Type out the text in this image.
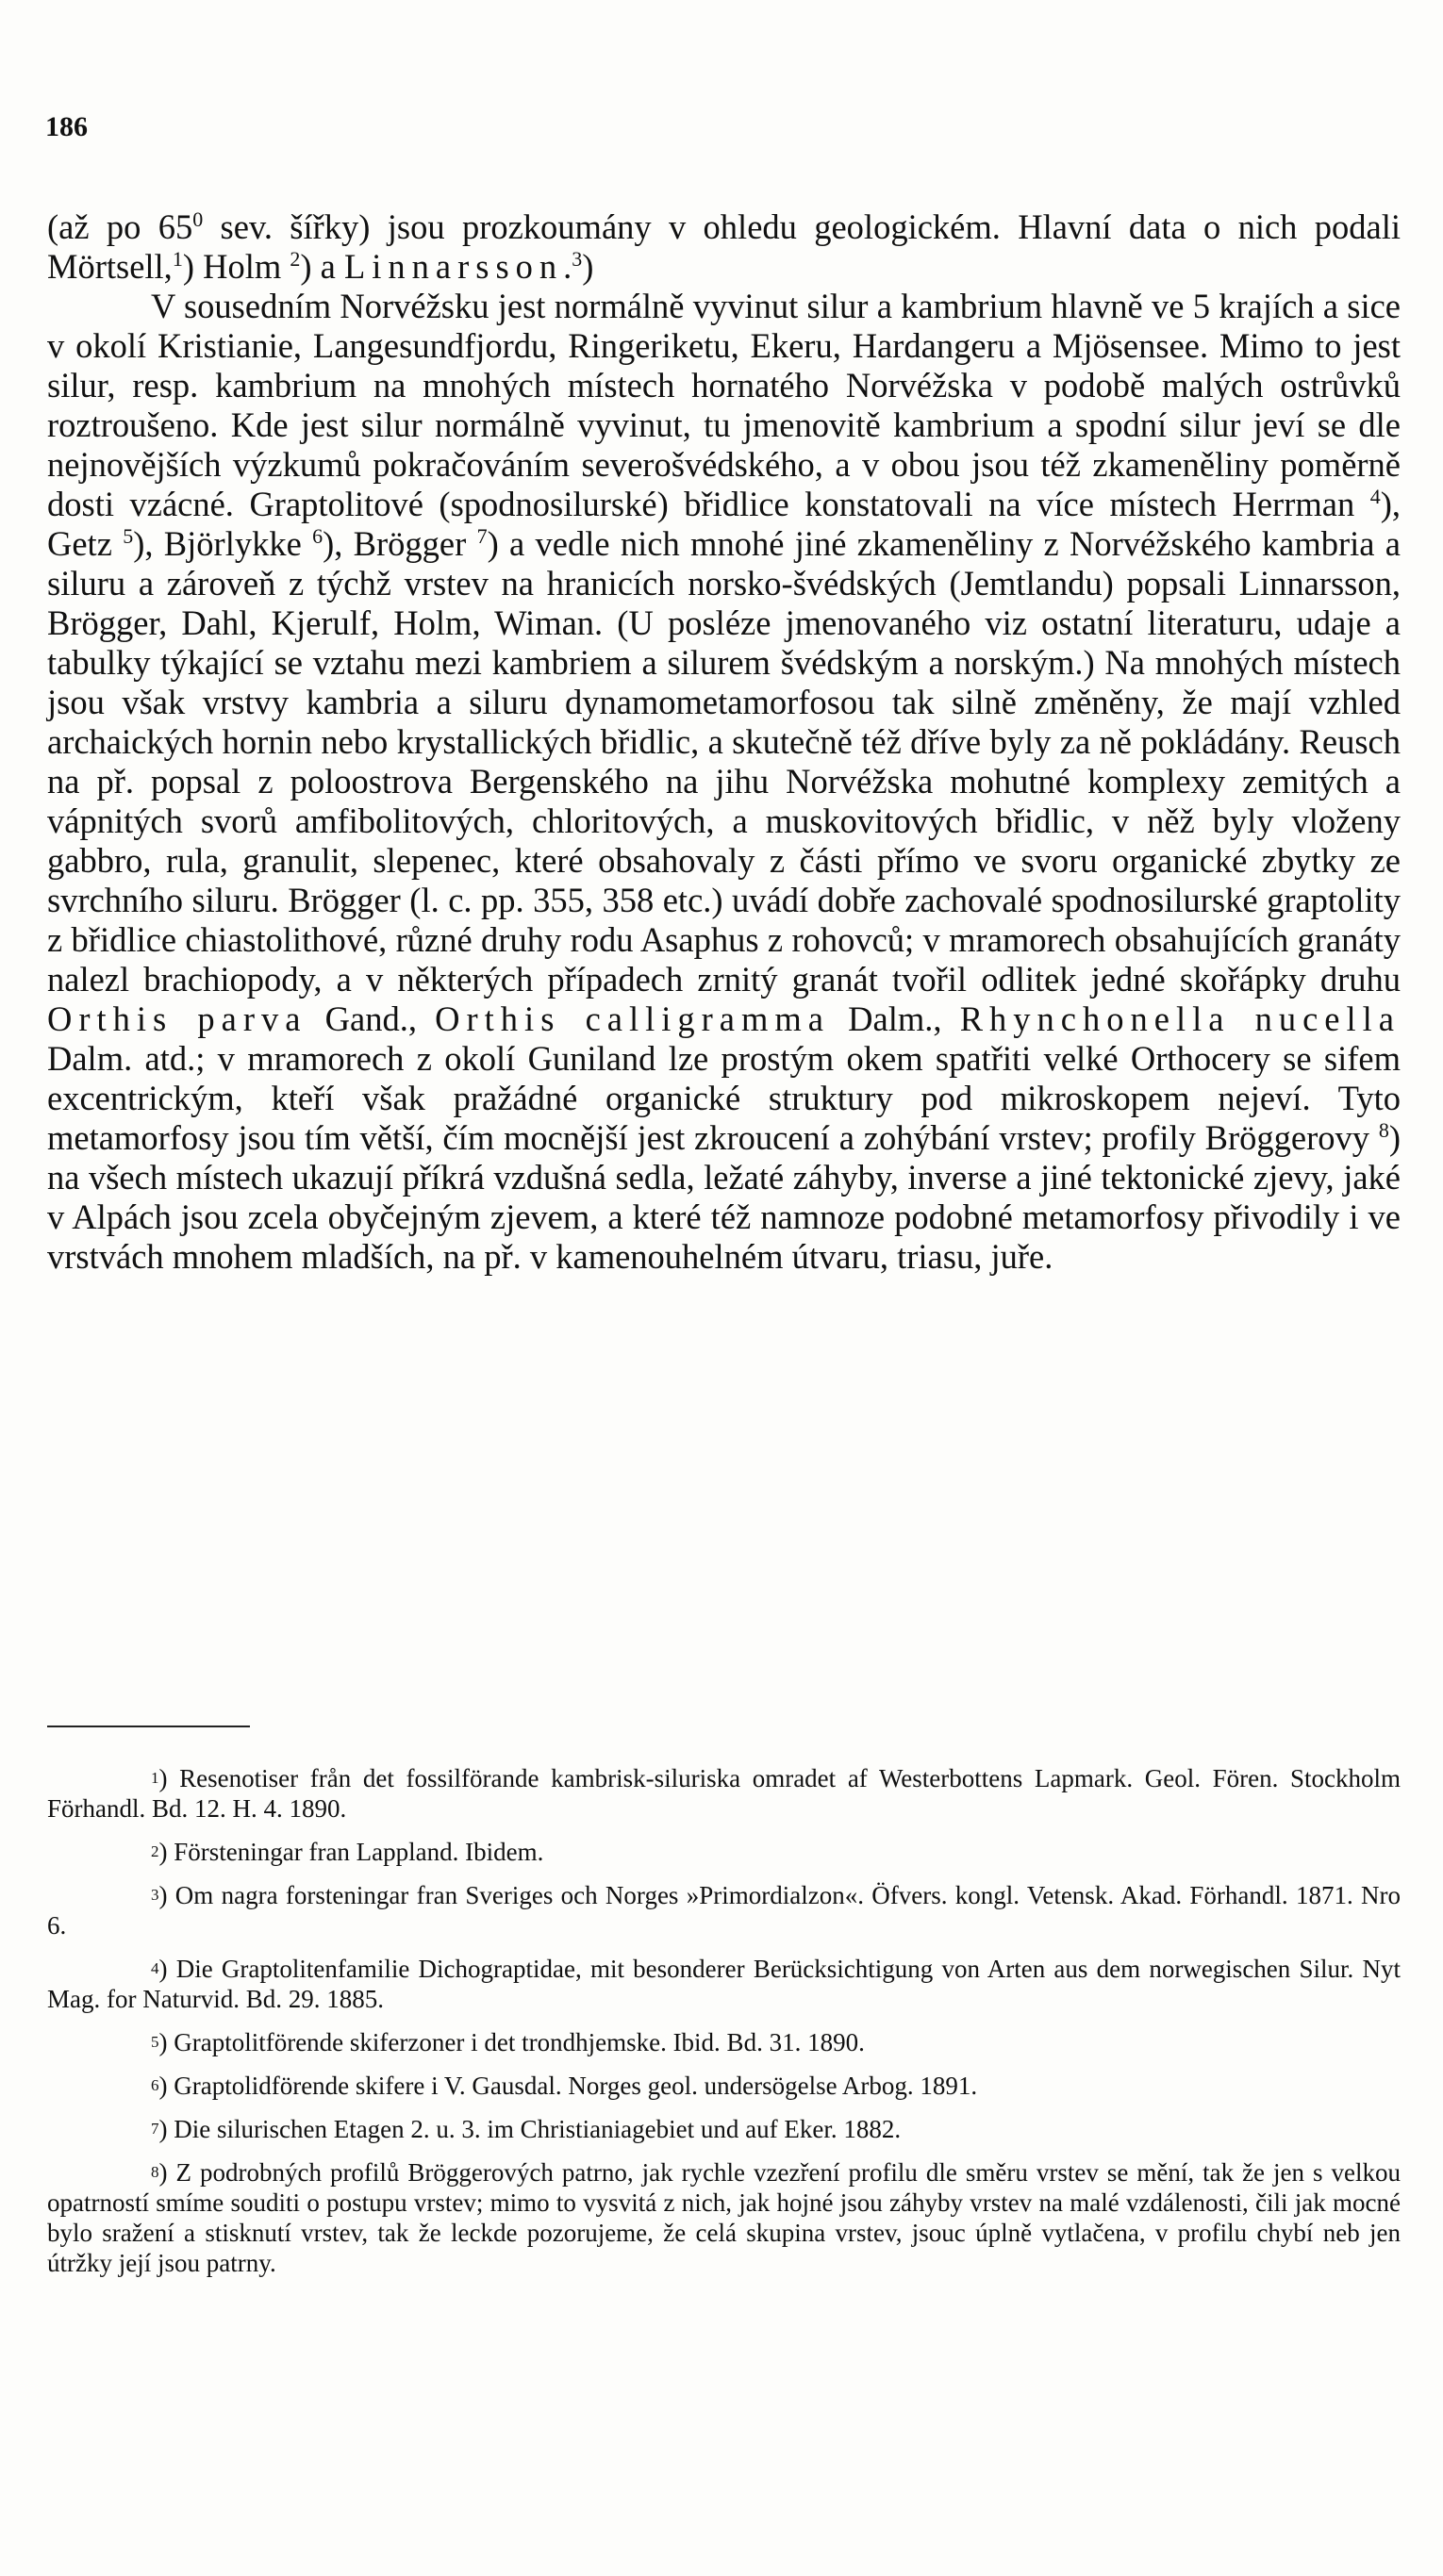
186

(až po $65^0$ sev. šířky) jsou prozkoumány v ohledu geologickém. Hlavní data o nich podali Mörtsell,$^1$) Holm $^2$) a Linnarsson.$^3$)

V sousedním Norvéžsku jest normálně vyvinut silur a kambrium hlavně ve 5 krajích a sice v okolí Kristianie, Langesundfjordu, Ringeriketu, Ekeru, Hardangeru a Mjösensee. Mimo to jest silur, resp. kambrium na mnohých místech hornatého Norvéžska v podobě malých ostrůvků roztroušeno. Kde jest silur normálně vyvinut, tu jmenovitě kambrium a spodní silur jeví se dle nejnovějších výzkumů pokračováním severošvédského, a v obou jsou též zkameněliny poměrně dosti vzácné. Graptolitové (spodnosilurské) břidlice konstatovali na více místech Herrman $^4$), Getz $^5$), Björlykke $^6$), Brögger $^7$) a vedle nich mnohé jiné zkameněliny z Norvéžského kambria a siluru a zároveň z týchž vrstev na hranicích norsko-švédských (Jemtlandu) popsali Linnarsson, Brögger, Dahl, Kjerulf, Holm, Wiman. (U posléze jmenovaného viz ostatní literaturu, udaje a tabulky týkající se vztahu mezi kambriem a silurem švédským a norským.) Na mnohých místech jsou však vrstvy kambria a siluru dynamometamorfosou tak silně změněny, že mají vzhled archaických hornin nebo krystallických břidlic, a skutečně též dříve byly za ně pokládány. Reusch na př. popsal z poloostrova Bergenského na jihu Norvéžska mohutné komplexy zemitých a vápnitých svorů amfibolitových, chloritových, a muskovitových břidlic, v něž byly vloženy gabbro, rula, granulit, slepenec, které obsahovaly z části přímo ve svoru organické zbytky ze svrchního siluru. Brögger (l. c. pp. 355, 358 etc.) uvádí dobře zachovalé spodnosilurské graptolity z břidlice chiastolithové, různé druhy rodu Asaphus z rohovců; v mramorech obsahujících granáty nalezl brachiopody, a v některých případech zrnitý granát tvořil odlitek jedné skořápky druhu Orthis parva Gand., Orthis calligramma Dalm., Rhynchonella nucella Dalm. atd.; v mramorech z okolí Guniland lze prostým okem spatřiti velké Orthocery se sifem excentrickým, kteří však pražádné organické struktury pod mikroskopem nejeví. Tyto metamorfosy jsou tím větší, čím mocnější jest zkroucení a zohýbání vrstev; profily Bröggerovy $^8$) na všech místech ukazují příkrá vzdušná sedla, ležaté záhyby, inverse a jiné tektonické zjevy, jaké v Alpách jsou zcela obyčejným zjevem, a které též namnoze podobné metamorfosy přivodily i ve vrstvách mnohem mladších, na př. v kamenouhelném útvaru, triasu, juře.

$^1$) Resenotiser från det fossilförande kambrisk-siluriska omradet af Westerbottens Lapmark. Geol. Fören. Stockholm Förhandl. Bd. 12. H. 4. 1890.
$^2$) Försteningar fran Lappland. Ibidem.
$^3$) Om nagra forsteningar fran Sveriges och Norges »Primordialzon«. Öfvers. kongl. Vetensk. Akad. Förhandl. 1871. Nro 6.
$^4$) Die Graptolitenfamilie Dichograptidae, mit besonderer Berücksichtigung von Arten aus dem norwegischen Silur. Nyt Mag. for Naturvid. Bd. 29. 1885.
$^5$) Graptolitförende skiferzoner i det trondhjemske. Ibid. Bd. 31. 1890.
$^6$) Graptolidförende skifere i V. Gausdal. Norges geol. undersögelse Arbog. 1891.
$^7$) Die silurischen Etagen 2. u. 3. im Christianiagebiet und auf Eker. 1882.
$^8$) Z podrobných profilů Bröggerových patrno, jak rychle vzezření profilu dle směru vrstev se mění, tak že jen s velkou opatrností smíme souditi o postupu vrstev; mimo to vysvitá z nich, jak hojné jsou záhyby vrstev na malé vzdálenosti, čili jak mocné bylo sražení a stisknutí vrstev, tak že leckde pozorujeme, že celá skupina vrstev, jsouc úplně vytlačena, v profilu chybí neb jen útržky její jsou patrny.
